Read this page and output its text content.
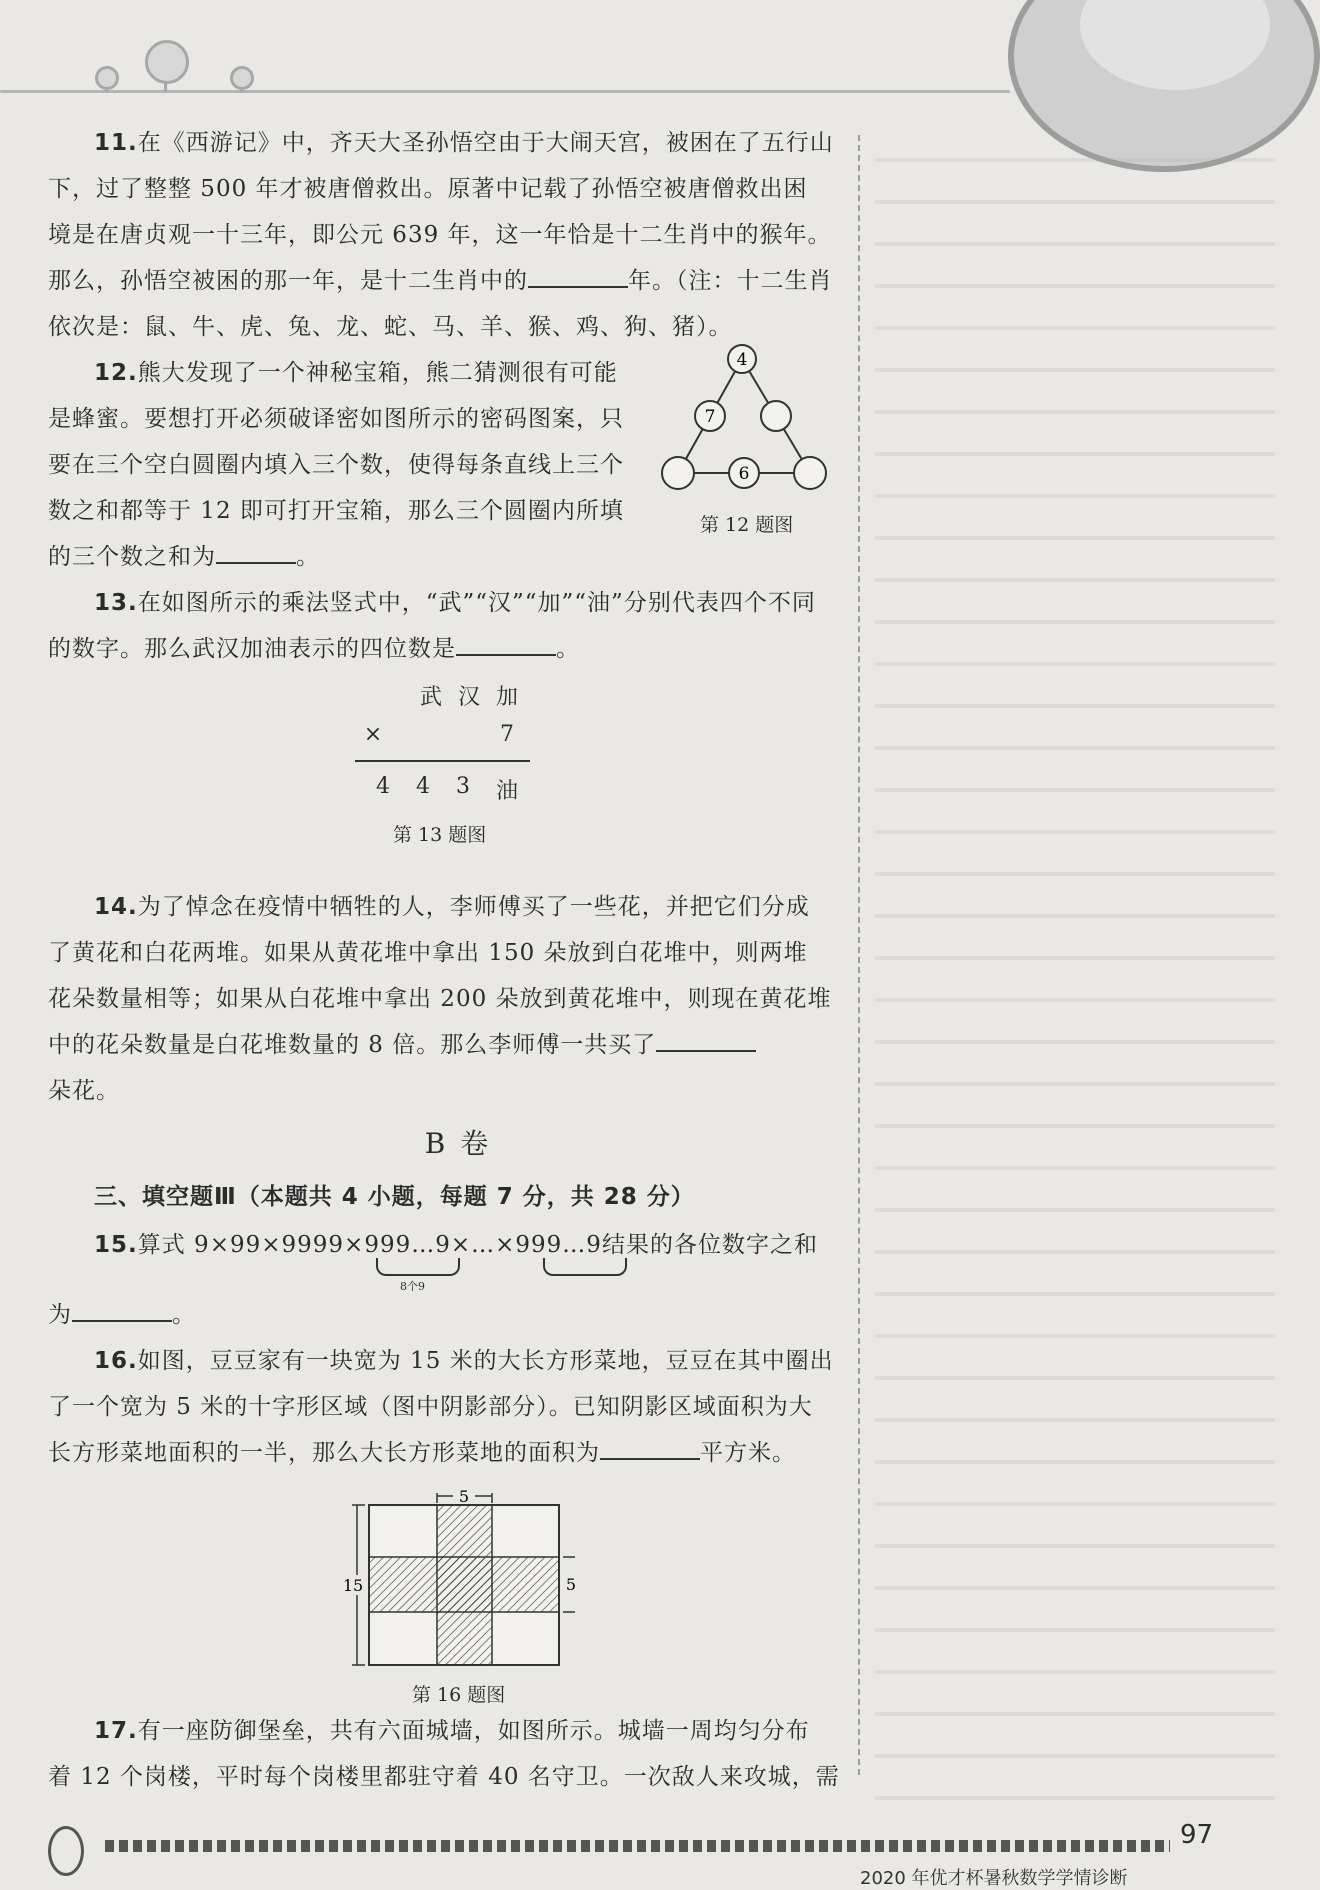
11.在《西游记》中，齐天大圣孙悟空由于大闹天宫，被困在了五行山

下，过了整整 500 年才被唐僧救出。原著中记载了孙悟空被唐僧救出困

境是在唐贞观一十三年，即公元 639 年，这一年恰是十二生肖中的猴年。

那么，孙悟空被困的那一年，是十二生肖中的	年。（注：十二生肖

依次是：鼠、牛、虎、兔、龙、蛇、马、羊、猴、鸡、狗、猪）。

12.熊大发现了一个神秘宝箱，熊二猜测很有可能

是蜂蜜。要想打开必须破译密如图所示的密码图案，只

要在三个空白圆圈内填入三个数，使得每条直线上三个

数之和都等于 12 即可打开宝箱，那么三个圆圈内所填

的三个数之和为	。

13.在如图所示的乘法竖式中，“武”“汉”“加”“油”分别代表四个不同

的数字。那么武汉加油表示的四位数是	。

14.为了悼念在疫情中牺牲的人，李师傅买了一些花，并把它们分成

了黄花和白花两堆。如果从黄花堆中拿出 150 朵放到白花堆中，则两堆

花朵数量相等；如果从白花堆中拿出 200 朵放到黄花堆中，则现在黄花堆

中的花朵数量是白花堆数量的 8 倍。那么李师傅一共买了

朵花。

B 卷

三、填空题Ⅲ（本题共 4 小题，每题 7 分，共 28 分）

15.算式 9×99×9999×999…9×…×999…9结果的各位数字之和

8个9

为	。

16.如图，豆豆家有一块宽为 15 米的大长方形菜地，豆豆在其中圈出

了一个宽为 5 米的十字形区域（图中阴影部分）。已知阴影区域面积为大

长方形菜地面积的一半，那么大长方形菜地的面积为	平方米。

17.有一座防御堡垒，共有六面城墙，如图所示。城墙一周均匀分布

着 12 个岗楼，平时每个岗楼里都驻守着 40 名守卫。一次敌人来攻城，需

4
7
6
第 12 题图
武 汉 加
×	7
4	4	3	油
第 13 题图
5
15	5
第 16 题图
97
2020 年优才杯暑秋数学学情诊断
